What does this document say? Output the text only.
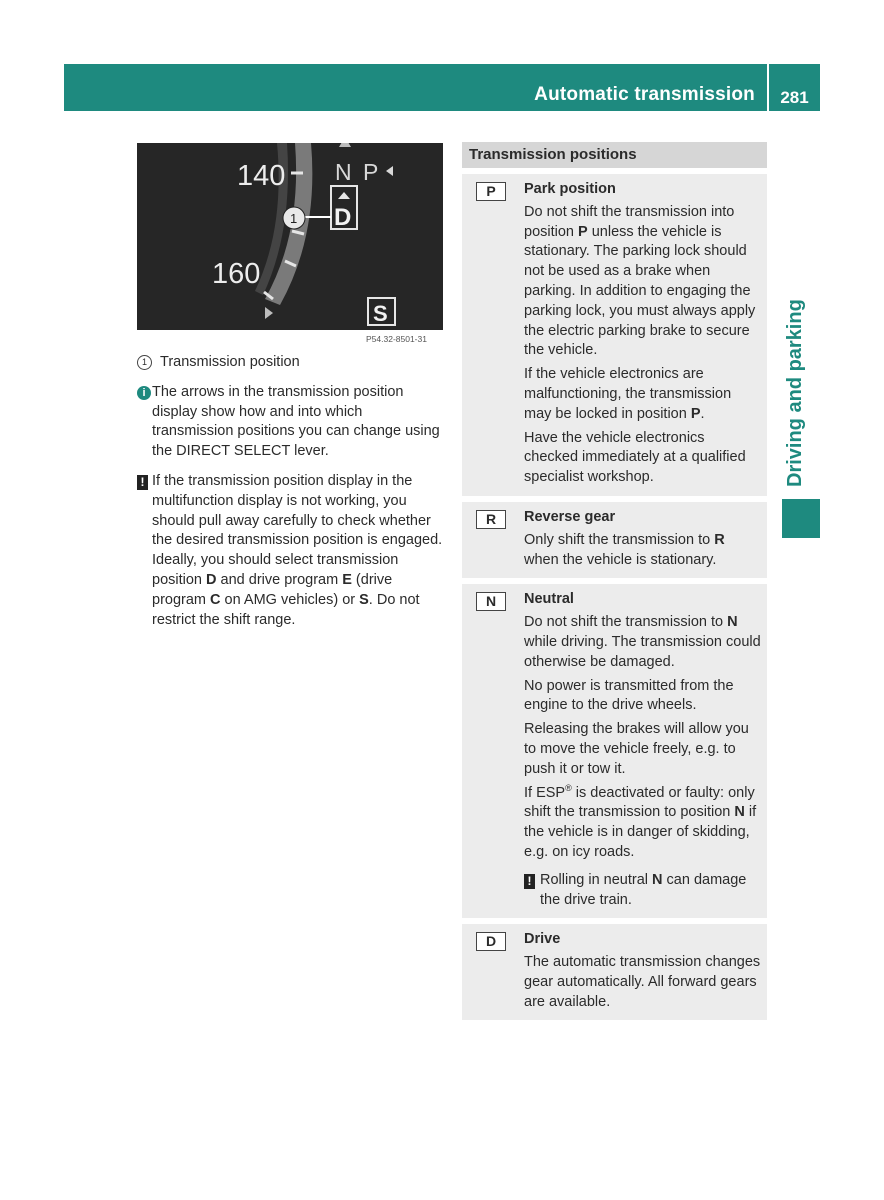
Automatic transmission	281
Driving and parking
140
160
N P
D
1
S
P54.32-8501-31
1 Transmission position
i The arrows in the transmission position display show how and into which transmission positions you can change using the DIRECT SELECT lever.
! If the transmission position display in the multifunction display is not working, you should pull away carefully to check whether the desired transmission position is engaged. Ideally, you should select transmission position D and drive program E (drive program C on AMG vehicles) or S. Do not restrict the shift range.
Transmission positions
P	Park position

Do not shift the transmission into position P unless the vehicle is stationary. The parking lock should not be used as a brake when parking. In addition to engaging the parking lock, you must always apply the electric parking brake to secure the vehicle.

If the vehicle electronics are malfunctioning, the transmission may be locked in position P.

Have the vehicle electronics checked immediately at a qualified specialist workshop.

R	Reverse gear

Only shift the transmission to R when the vehicle is stationary.

N	Neutral

Do not shift the transmission to N while driving. The transmission could otherwise be damaged.

No power is transmitted from the engine to the drive wheels.

Releasing the brakes will allow you to move the vehicle freely, e.g. to push it or tow it.

If ESP® is deactivated or faulty: only shift the transmission to position N if the vehicle is in danger of skidding, e.g. on icy roads.

! Rolling in neutral N can damage the drive train.
D	Drive

The automatic transmission changes gear automatically. All forward gears are available.
